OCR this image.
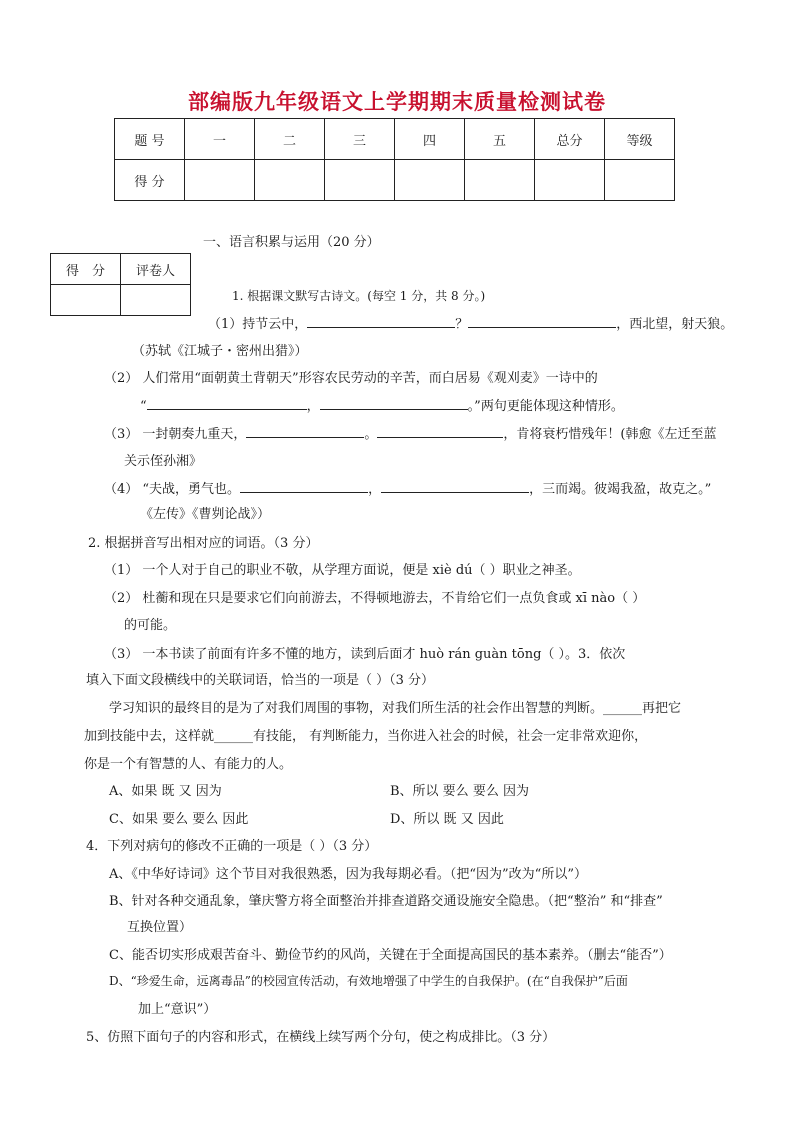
部编版九年级语文上学期期末质量检测试卷
题 号	一	二	三	四	五	总分	等级
得 分							
一、语言积累与运用（20 分）
得　分	评卷人

1. 根据课文默写古诗文。(每空 1 分，共 8 分。)
（1）持节云中，	？	，西北望，射天狼。
（苏轼《江城子・密州出猎》）
（2） 人们常用“面朝黄土背朝天”形容农民劳动的辛苦，而白居易《观刈麦》一诗中的
“	，	。”两句更能体现这种情形。
（3） 一封朝奏九重天，	。	，肯将衰朽惜残年！(韩愈《左迁至蓝
关示侄孙湘》
（4） “夫战，勇气也。	，	，三而竭。彼竭我盈，故克之。”
《左传》《曹刿论战》）
2. 根据拼音写出相对应的词语。（3 分）
（1） 一个人对于自己的职业不敬，从学理方面说，便是 xiè dú（ ）职业之神圣。
（2） 杜蘅和现在只是要求它们向前游去，不得顿地游去，不肯给它们一点负食或 xī nào（ ）
的可能。
（3） 一本书读了前面有许多不懂的地方，读到后面才 huò rán guàn tōng（ ）。3．依次
填入下面文段横线中的关联词语，恰当的一项是（ ）（3 分）
学习知识的最终目的是为了对我们周围的事物，对我们所生活的社会作出智慧的判断。______再把它
加到技能中去，这样就______有技能， 有判断能力，当你进入社会的时候，社会一定非常欢迎你，
你是一个有智慧的人、有能力的人。
A、如果 既 又 因为	B、所以 要么 要么 因为
C、如果 要么 要么 因此	D、所以 既 又 因此
4．下列对病句的修改不正确的一项是（ ）（3 分）
A、《中华好诗词》这个节目对我很熟悉，因为我每期必看。（把“因为”改为“所以”）
B、针对各种交通乱象，肇庆警方将全面整治并排查道路交通设施安全隐患。（把“整治” 和“排查”
互换位置）
C、能否切实形成艰苦奋斗、勤俭节约的风尚，关键在于全面提高国民的基本素养。（删去“能否”）
D、“珍爱生命，远离毒品”的校园宣传活动，有效地增强了中学生的自我保护。(在“自我保护”后面
加上“意识”）
5、仿照下面句子的内容和形式，在横线上续写两个分句，使之构成排比。（3 分）
